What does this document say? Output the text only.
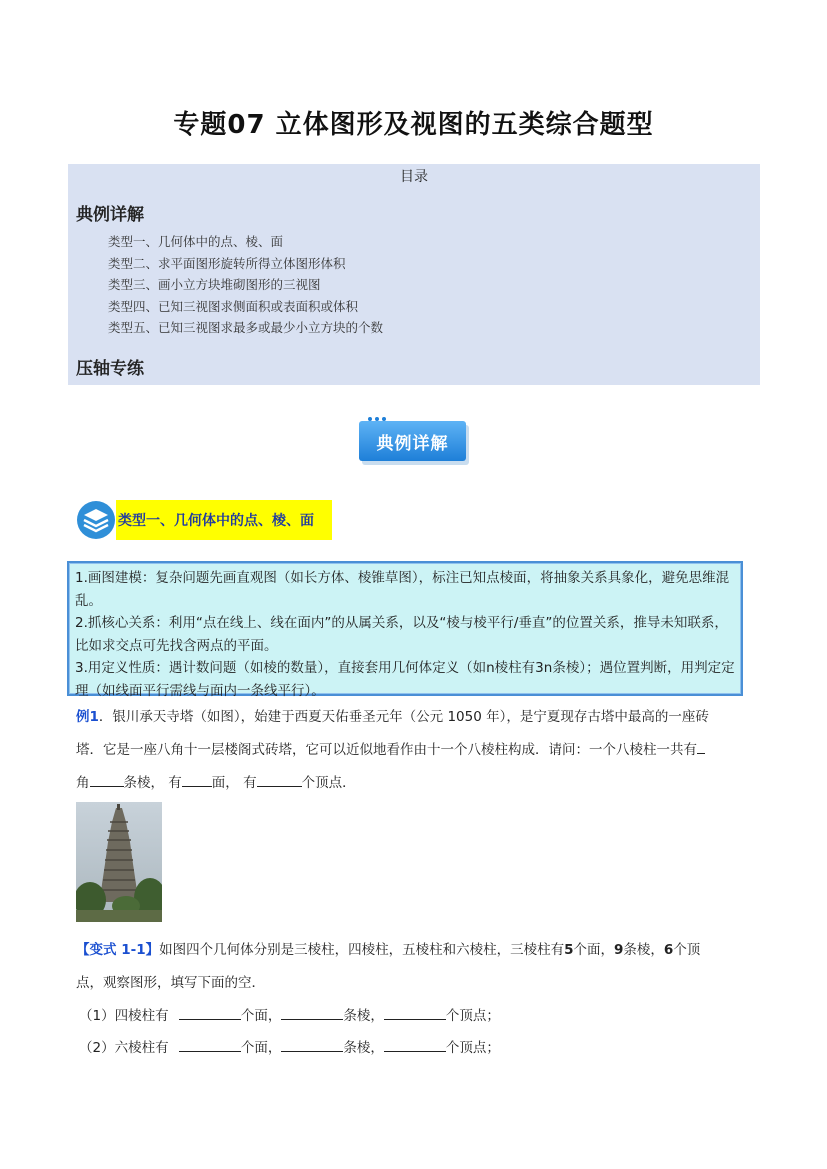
专题07 立体图形及视图的五类综合题型
目录
典例详解
类型一、几何体中的点、棱、面
类型二、求平面图形旋转所得立体图形体积
类型三、画小立方块堆砌图形的三视图
类型四、已知三视图求侧面积或表面积或体积
类型五、已知三视图求最多或最少小立方块的个数
压轴专练
典例详解
类型一、几何体中的点、棱、面

1.画图建模：复杂问题先画直观图（如长方体、棱锥草图），标注已知点棱面，将抽象关系具象化，避免思维混乱。

2.抓核心关系：利用“点在线上、线在面内”的从属关系，以及“棱与棱平行/垂直”的位置关系，推导未知联系，比如求交点可先找含两点的平面。

3.用定义性质：遇计数问题（如棱的数量），直接套用几何体定义（如n棱柱有3n条棱）；遇位置判断，用判定定理（如线面平行需线与面内一条线平行）。

例1．银川承天寺塔（如图），始建于西夏天佑垂圣元年（公元 1050 年），是宁夏现存古塔中最高的一座砖
塔．它是一座八角十一层楼阁式砖塔，它可以近似地看作由十一个八棱柱构成．请问：一个八棱柱一共有
角	条棱， 有 面， 有	个顶点．
【变式 1-1】如图四个几何体分别是三棱柱，四棱柱，五棱柱和六棱柱，三棱柱有5个面，9条棱，6个顶
点，观察图形，填写下面的空．
（1）四棱柱有	个面，	条棱，	个顶点；
（2）六棱柱有	个面，	条棱，	个顶点；
